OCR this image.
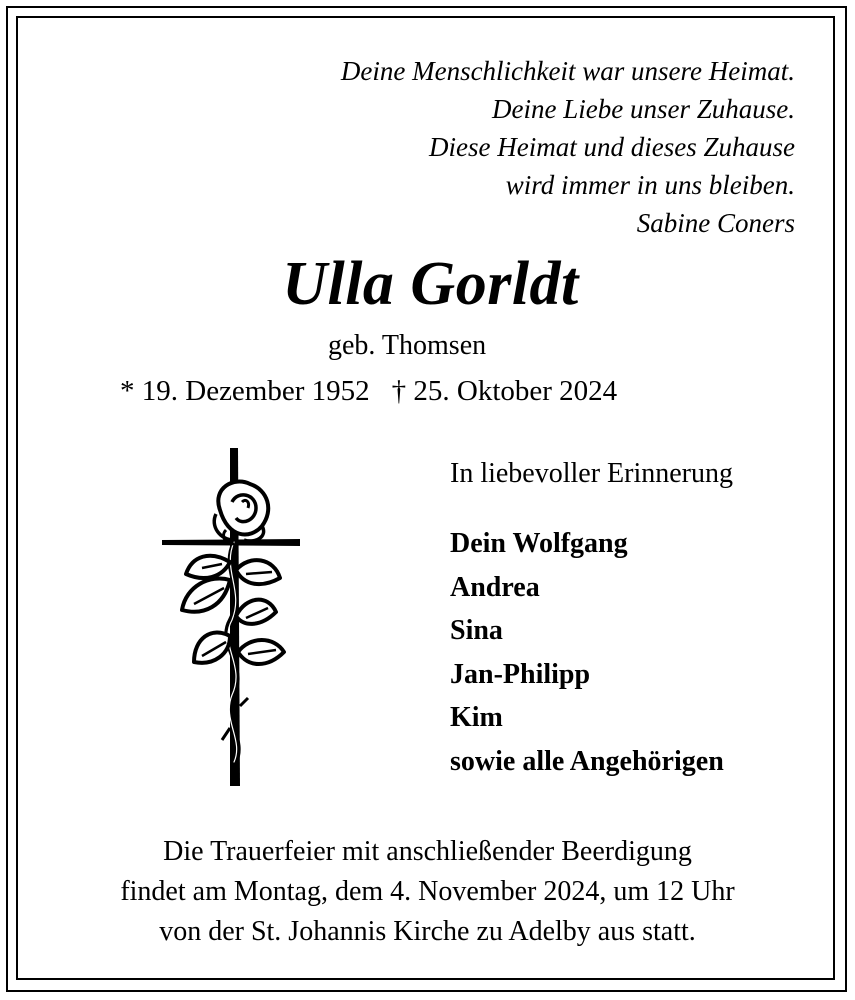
Deine Menschlichkeit war unsere Heimat.
Deine Liebe unser Zuhause.
Diese Heimat und dieses Zuhause
wird immer in uns bleiben.
Sabine Coners
Ulla Gorldt
geb. Thomsen
* 19. Dezember 1952 † 25. Oktober 2024
In liebevoller Erinnerung
Dein Wolfgang
Andrea
Sina
Jan-Philipp
Kim
sowie alle Angehörigen
Die Trauerfeier mit anschließender Beerdigung
findet am Montag, dem 4. November 2024, um 12 Uhr
von der St. Johannis Kirche zu Adelby aus statt.
